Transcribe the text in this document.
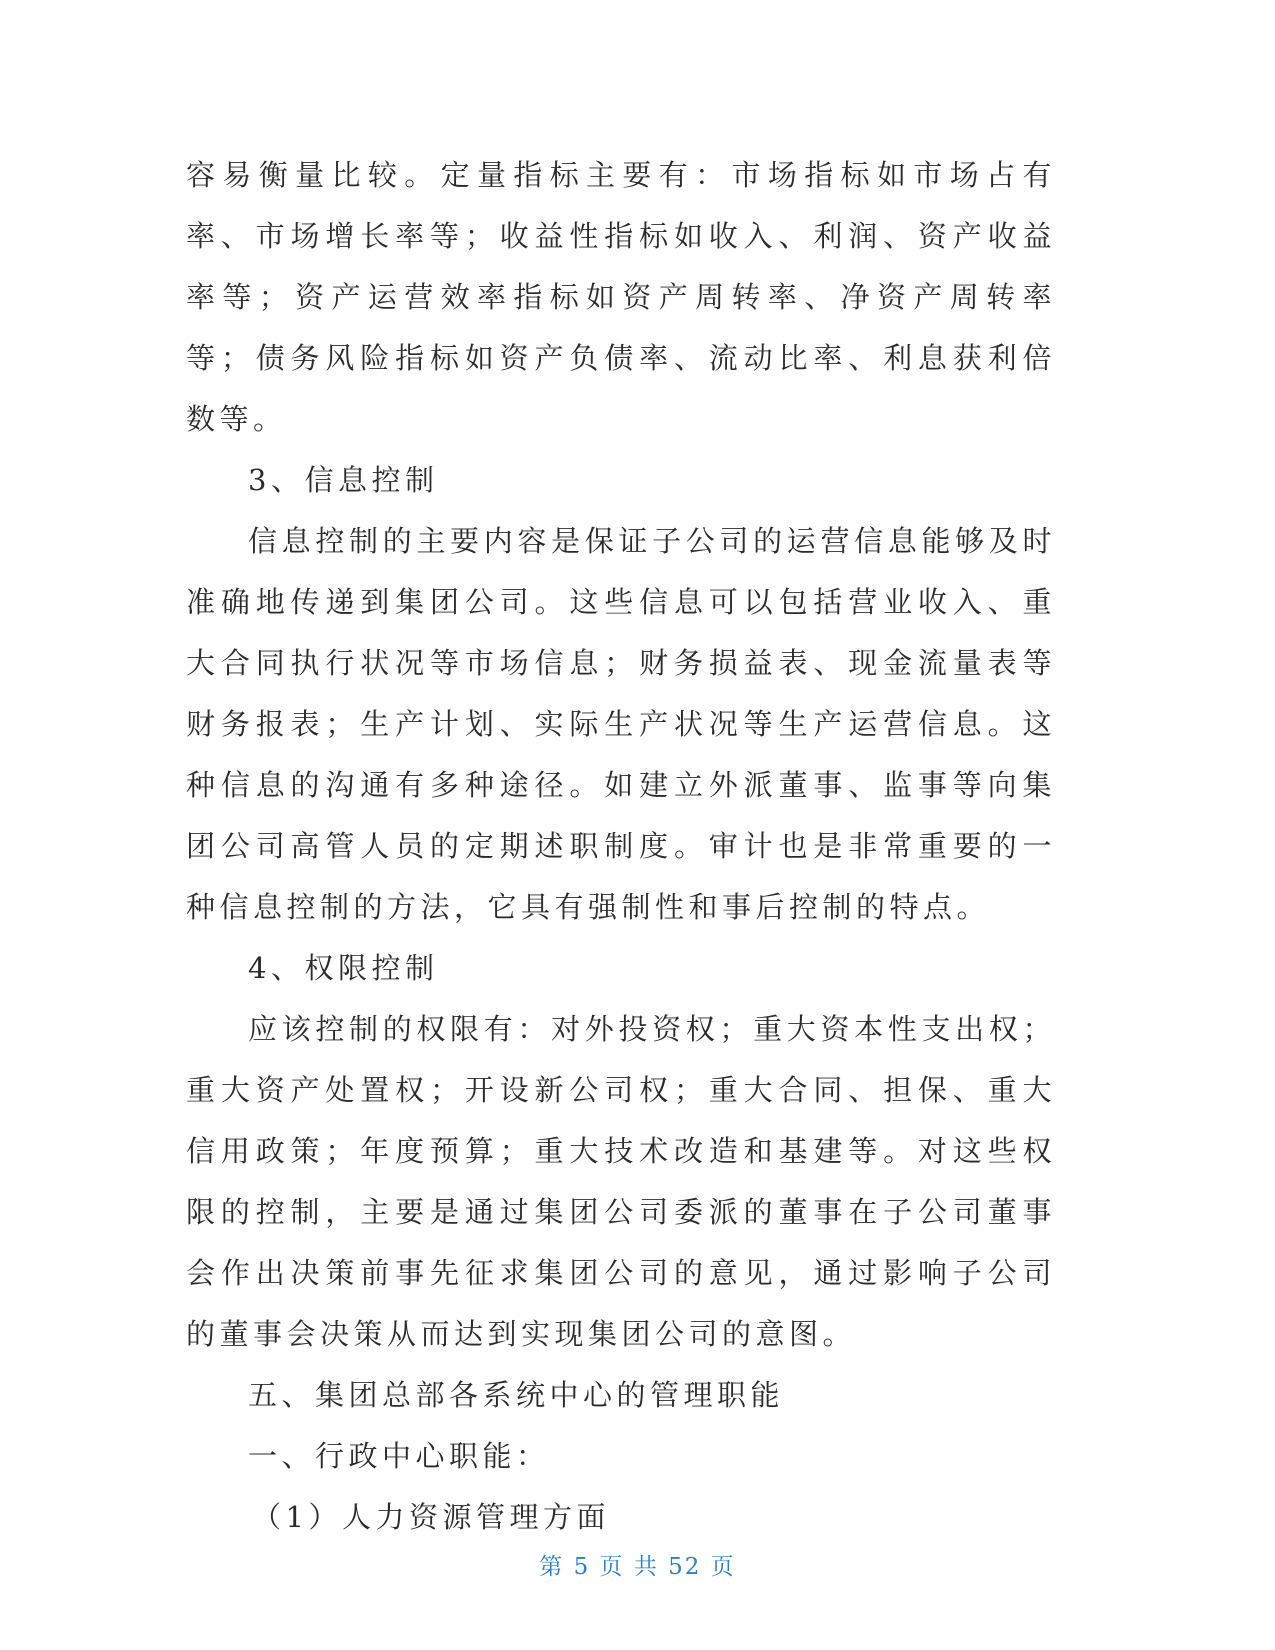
容易衡量比较。定量指标主要有：市场指标如市场占有率、市场增长率等；收益性指标如收入、利润、资产收益率等；资产运营效率指标如资产周转率、净资产周转率等；债务风险指标如资产负债率、流动比率、利息获利倍数等。

3、信息控制

信息控制的主要内容是保证子公司的运营信息能够及时准确地传递到集团公司。这些信息可以包括营业收入、重大合同执行状况等市场信息；财务损益表、现金流量表等财务报表；生产计划、实际生产状况等生产运营信息。这种信息的沟通有多种途径。如建立外派董事、监事等向集团公司高管人员的定期述职制度。审计也是非常重要的一种信息控制的方法，它具有强制性和事后控制的特点。

4、权限控制

应该控制的权限有：对外投资权；重大资本性支出权；重大资产处置权；开设新公司权；重大合同、担保、重大信用政策；年度预算；重大技术改造和基建等。对这些权限的控制，主要是通过集团公司委派的董事在子公司董事会作出决策前事先征求集团公司的意见，通过影响子公司的董事会决策从而达到实现集团公司的意图。

五、集团总部各系统中心的管理职能

一、行政中心职能：

（1）人力资源管理方面

第 5 页 共 52 页
